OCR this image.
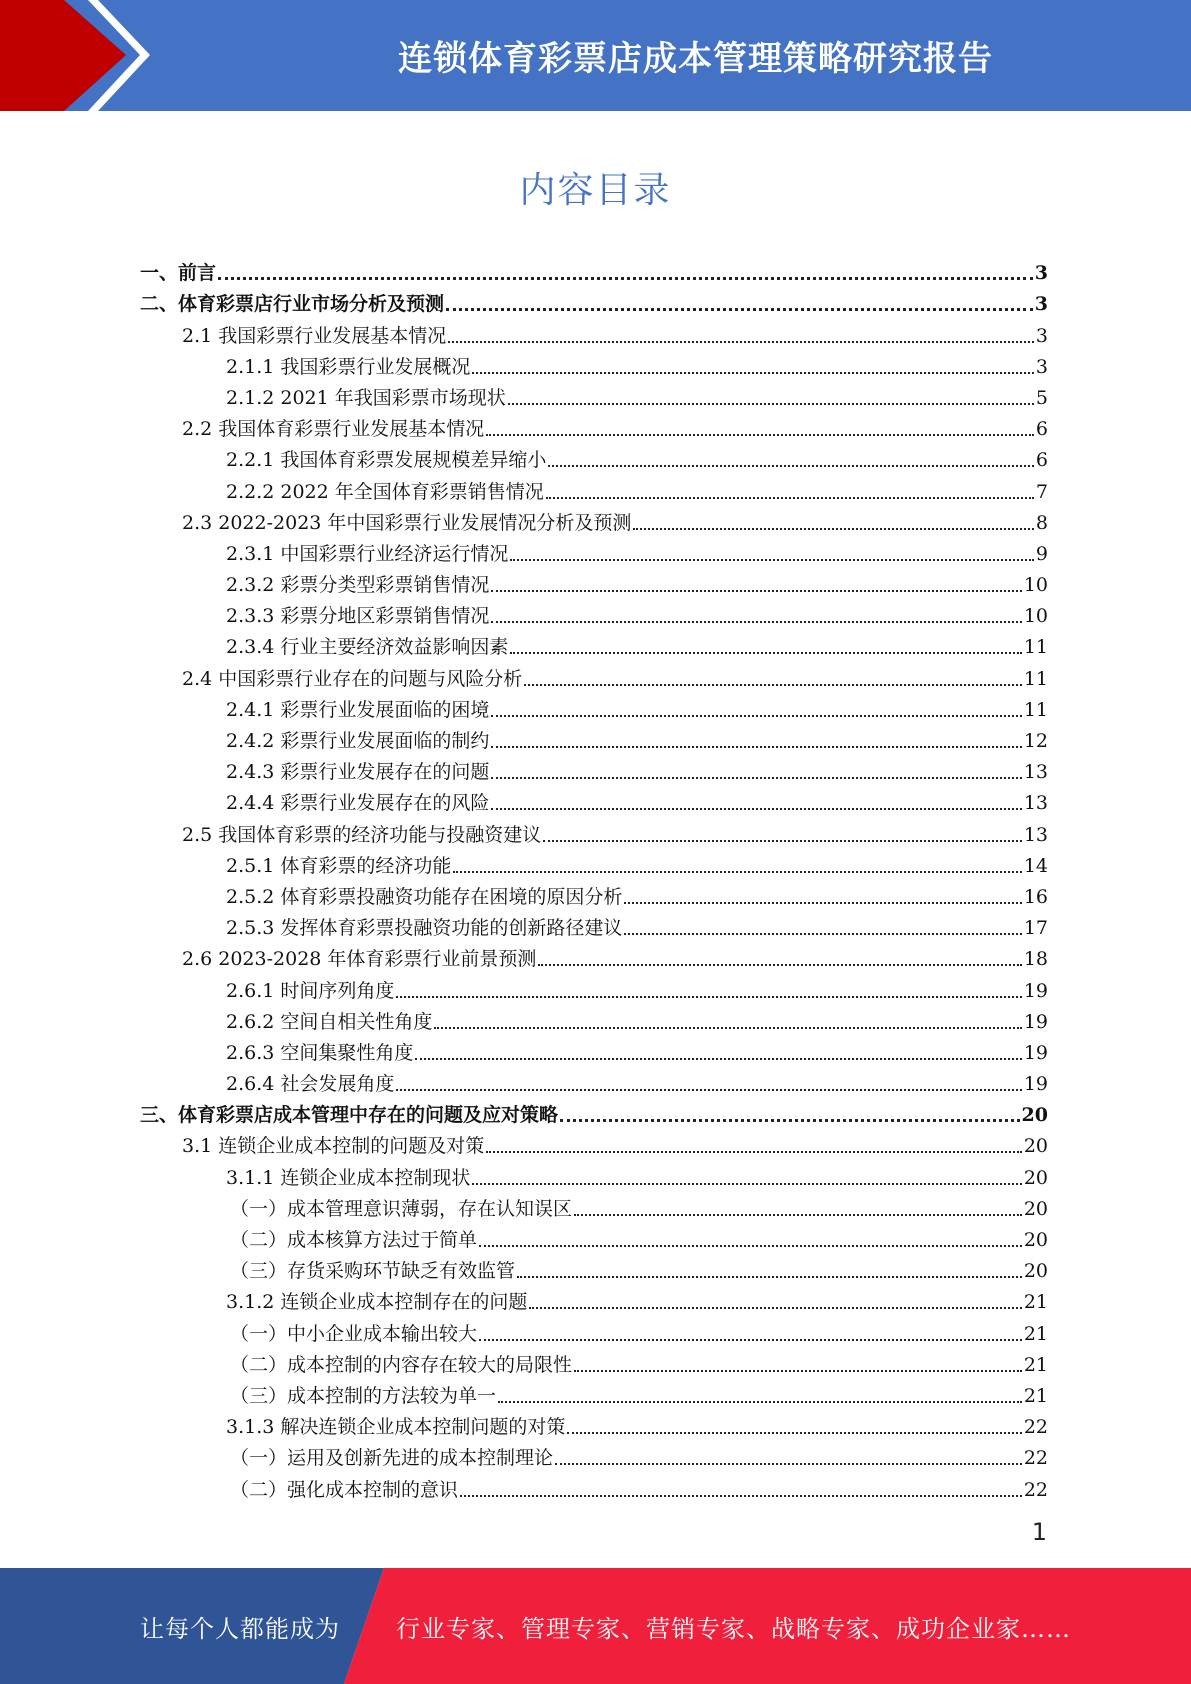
连锁体育彩票店成本管理策略研究报告
内容目录
一、前言	3
二、体育彩票店行业市场分析及预测	3
2.1 我国彩票行业发展基本情况	3
2.1.1 我国彩票行业发展概况	3
2.1.2 2021 年我国彩票市场现状	5
2.2 我国体育彩票行业发展基本情况	6
2.2.1 我国体育彩票发展规模差异缩小	6
2.2.2 2022 年全国体育彩票销售情况	7
2.3 2022-2023 年中国彩票行业发展情况分析及预测	8
2.3.1 中国彩票行业经济运行情况	9
2.3.2 彩票分类型彩票销售情况	10
2.3.3 彩票分地区彩票销售情况	10
2.3.4 行业主要经济效益影响因素	11
2.4 中国彩票行业存在的问题与风险分析	11
2.4.1 彩票行业发展面临的困境	11
2.4.2 彩票行业发展面临的制约	12
2.4.3 彩票行业发展存在的问题	13
2.4.4 彩票行业发展存在的风险	13
2.5 我国体育彩票的经济功能与投融资建议	13
2.5.1 体育彩票的经济功能	14
2.5.2 体育彩票投融资功能存在困境的原因分析	16
2.5.3 发挥体育彩票投融资功能的创新路径建议	17
2.6 2023-2028 年体育彩票行业前景预测	18
2.6.1 时间序列角度	19
2.6.2 空间自相关性角度	19
2.6.3 空间集聚性角度	19
2.6.4 社会发展角度	19
三、体育彩票店成本管理中存在的问题及应对策略	20
3.1 连锁企业成本控制的问题及对策	20
3.1.1 连锁企业成本控制现状	20
（一）成本管理意识薄弱，存在认知误区	20
（二）成本核算方法过于简单	20
（三）存货采购环节缺乏有效监管	20
3.1.2 连锁企业成本控制存在的问题	21
（一）中小企业成本输出较大	21
（二）成本控制的内容存在较大的局限性	21
（三）成本控制的方法较为单一	21
3.1.3 解决连锁企业成本控制问题的对策	22
（一）运用及创新先进的成本控制理论	22
（二）强化成本控制的意识	22
1
让每个人都能成为 行业专家、管理专家、营销专家、战略专家、成功企业家……
